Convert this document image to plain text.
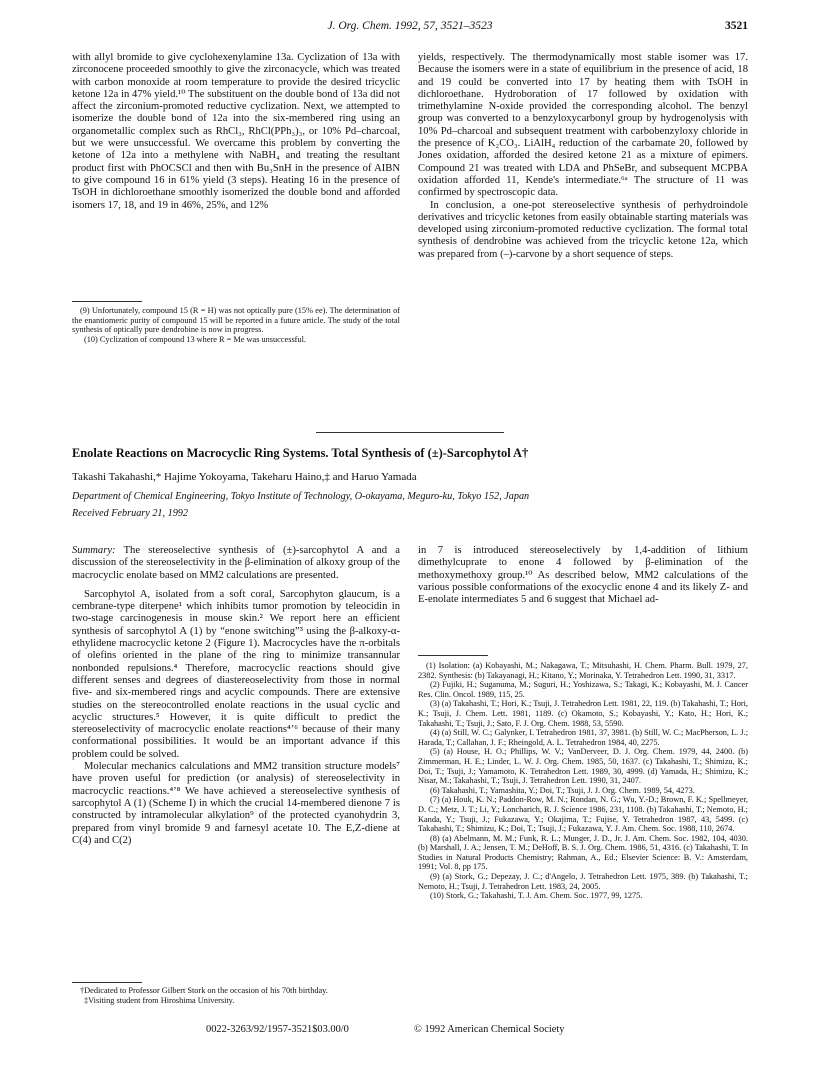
J. Org. Chem. 1992, 57, 3521–3523	3521

with allyl bromide to give cyclohexenylamine 13a. Cyclization of 13a with zirconocene proceeded smoothly to give the zirconacycle, which was treated with carbon monoxide at room temperature to provide the desired tricyclic ketone 12a in 47% yield.¹⁰ The substituent on the double bond of 13a did not affect the zirconium-promoted reductive cyclization. Next, we attempted to isomerize the double bond of 12a into the six-membered ring using an organometallic complex such as RhCl₃, RhCl(PPh₃)₃, or 10% Pd–charcoal, but we were unsuccessful. We overcame this problem by converting the ketone of 12a into a methylene with NaBH₄ and treating the resultant product first with PhOCSCl and then with Bu₃SnH in the presence of AIBN to give compound 16 in 61% yield (3 steps). Heating 16 in the presence of TsOH in dichloroethane smoothly isomerized the double bond and afforded isomers 17, 18, and 19 in 46%, 25%, and 12%

(9) Unfortunately, compound 15 (R = H) was not optically pure (15% ee). The determination of the enantiomeric purity of compound 15 will be reported in a future article. The study of the total synthesis of optically pure dendrobine is now in progress.

(10) Cyclization of compound 13 where R = Me was unsuccessful.

yields, respectively. The thermodynamically most stable isomer was 17. Because the isomers were in a state of equilibrium in the presence of acid, 18 and 19 could be converted into 17 by heating them with TsOH in dichloroethane. Hydroboration of 17 followed by oxidation with trimethylamine N-oxide provided the corresponding alcohol. The benzyl group was converted to a benzyloxycarbonyl group by hydrogenolysis with 10% Pd–charcoal and subsequent treatment with carbobenzyloxy chloride in the presence of K₂CO₃. LiAlH₄ reduction of the carbamate 20, followed by Jones oxidation, afforded the desired ketone 21 as a mixture of epimers. Compound 21 was treated with LDA and PhSeBr, and subsequent MCPBA oxidation afforded 11, Kende's intermediate.⁶ᵃ The structure of 11 was confirmed by spectroscopic data.

In conclusion, a one-pot stereoselective synthesis of perhydroindole derivatives and tricyclic ketones from easily obtainable starting materials was developed using zirconium-promoted reductive cyclization. The formal total synthesis of dendrobine was achieved from the tricyclic ketone 12a, which was prepared from (–)-carvone by a short sequence of steps.

Enolate Reactions on Macrocyclic Ring Systems. Total Synthesis of (±)-Sarcophytol A†
Takashi Takahashi,* Hajime Yokoyama, Takeharu Haino,‡ and Haruo Yamada
Department of Chemical Engineering, Tokyo Institute of Technology, O-okayama, Meguro-ku, Tokyo 152, Japan
Received February 21, 1992

Summary: The stereoselective synthesis of (±)-sarcophytol A and a discussion of the stereoselectivity in the β-elimination of alkoxy group of the macrocyclic enolate based on MM2 calculations are presented.

Sarcophytol A, isolated from a soft coral, Sarcophyton glaucum, is a cembrane-type diterpene¹ which inhibits tumor promotion by teleocidin in two-stage carcinogenesis in mouse skin.² We report here an efficient synthesis of sarcophytol A (1) by “enone switching”³ using the β-alkoxy-α-ethylidene macrocyclic ketone 2 (Figure 1). Macrocycles have the π-orbitals of olefins oriented in the plane of the ring to minimize transannular nonbonded repulsions.⁴ Therefore, macrocyclic reactions should give different senses and degrees of diastereoselectivity from those in normal five- and six-membered rings and acyclic compounds. There are extensive studies on the stereocontrolled enolate reactions in the usual cyclic and acyclic structures.⁵ However, it is quite difficult to predict the stereoselectivity of macrocyclic enolate reactions⁴ʼ⁶ because of their many conformational possibilities. It would be an important advance if this problem could be solved.

Molecular mechanics calculations and MM2 transition structure models⁷ have proven useful for prediction (or analysis) of stereoselectivity in macrocyclic reactions.⁴ʼ⁸ We have achieved a stereoselective synthesis of sarcophytol A (1) (Scheme I) in which the crucial 14-membered dienone 7 is constructed by intramolecular alkylation⁹ of the protected cyanohydrin 3, prepared from vinyl bromide 9 and farnesyl acetate 10. The E,Z-diene at C(4) and C(2)

†Dedicated to Professor Gilbert Stork on the occasion of his 70th birthday.

‡Visiting student from Hiroshima University.

in 7 is introduced stereoselectively by 1,4-addition of lithium dimethylcuprate to enone 4 followed by β-elimination of the methoxymethoxy group.¹⁰ As described below, MM2 calculations of the various possible conformations of the exocyclic enone 4 and its likely Z- and E-enolate intermediates 5 and 6 suggest that Michael ad-

(1) Isolation: (a) Kobayashi, M.; Nakagawa, T.; Mitsuhashi, H. Chem. Pharm. Bull. 1979, 27, 2382. Synthesis: (b) Takayanagi, H.; Kitano, Y.; Morinaka, Y. Tetrahedron Lett. 1990, 31, 3317.

(2) Fujiki, H.; Suganuma, M.; Suguri, H.; Yoshizawa, S.; Takagi, K.; Kobayashi, M. J. Cancer Res. Clin. Oncol. 1989, 115, 25.

(3) (a) Takahashi, T.; Hori, K.; Tsuji, J. Tetrahedron Lett. 1981, 22, 119. (b) Takahashi, T.; Hori, K.; Tsuji, J. Chem. Lett. 1981, 1189. (c) Okamoto, S.; Kobayashi, Y.; Kato, H.; Hori, K.; Takahashi, T.; Tsuji, J.; Sato, F. J. Org. Chem. 1988, 53, 5590.

(4) (a) Still, W. C.; Galynker, I. Tetrahedron 1981, 37, 3981. (b) Still, W. C.; MacPherson, L. J.; Harada, T.; Callahan, J. F.; Rheingold, A. L. Tetrahedron 1984, 40, 2275.

(5) (a) House, H. O.; Phillips, W. V.; VanDerveer, D. J. Org. Chem. 1979, 44, 2400. (b) Zimmerman, H. E.; Linder, L. W. J. Org. Chem. 1985, 50, 1637. (c) Takahashi, T.; Shimizu, K.; Doi, T.; Tsuji, J.; Yamamoto, K. Tetrahedron Lett. 1989, 30, 4999. (d) Yamada, H.; Shimizu, K.; Nisar, M.; Takahashi, T.; Tsuji, J. Tetrahedron Lett. 1990, 31, 2407.

(6) Takahashi, T.; Yamashita, Y.; Doi, T.; Tsuji, J. J. Org. Chem. 1989, 54, 4273.

(7) (a) Houk, K. N.; Paddon-Row, M. N.; Rondan, N. G.; Wu, Y.-D.; Brown, F. K.; Spellmeyer, D. C.; Metz, J. T.; Li, Y.; Loncharich, R. J. Science 1986, 231, 1108. (b) Takahashi, T.; Nemoto, H.; Kanda, Y.; Tsuji, J.; Fukazawa, Y.; Okajima, T.; Fujise, Y. Tetrahedron 1987, 43, 5499. (c) Takahashi, T.; Shimizu, K.; Doi, T.; Tsuji, J.; Fukazawa, Y. J. Am. Chem. Soc. 1988, 110, 2674.

(8) (a) Abelmann, M. M.; Funk, R. L.; Munger, J. D., Jr. J. Am. Chem. Soc. 1982, 104, 4030. (b) Marshall, J. A.; Jensen, T. M.; DeHoff, B. S. J. Org. Chem. 1986, 51, 4316. (c) Takahashi, T. In Studies in Natural Products Chemistry; Rahman, A., Ed.; Elsevier Science: B. V.: Amsterdam, 1991; Vol. 8, pp 175.

(9) (a) Stork, G.; Depezay, J. C.; d'Angelo, J. Tetrahedron Lett. 1975, 389. (b) Takahashi, T.; Nemoto, H.; Tsuji, J. Tetrahedron Lett. 1983, 24, 2005.

(10) Stork, G.; Takahashi, T. J. Am. Chem. Soc. 1977, 99, 1275.

0022-3263/92/1957-3521$03.00/0	© 1992 American Chemical Society
